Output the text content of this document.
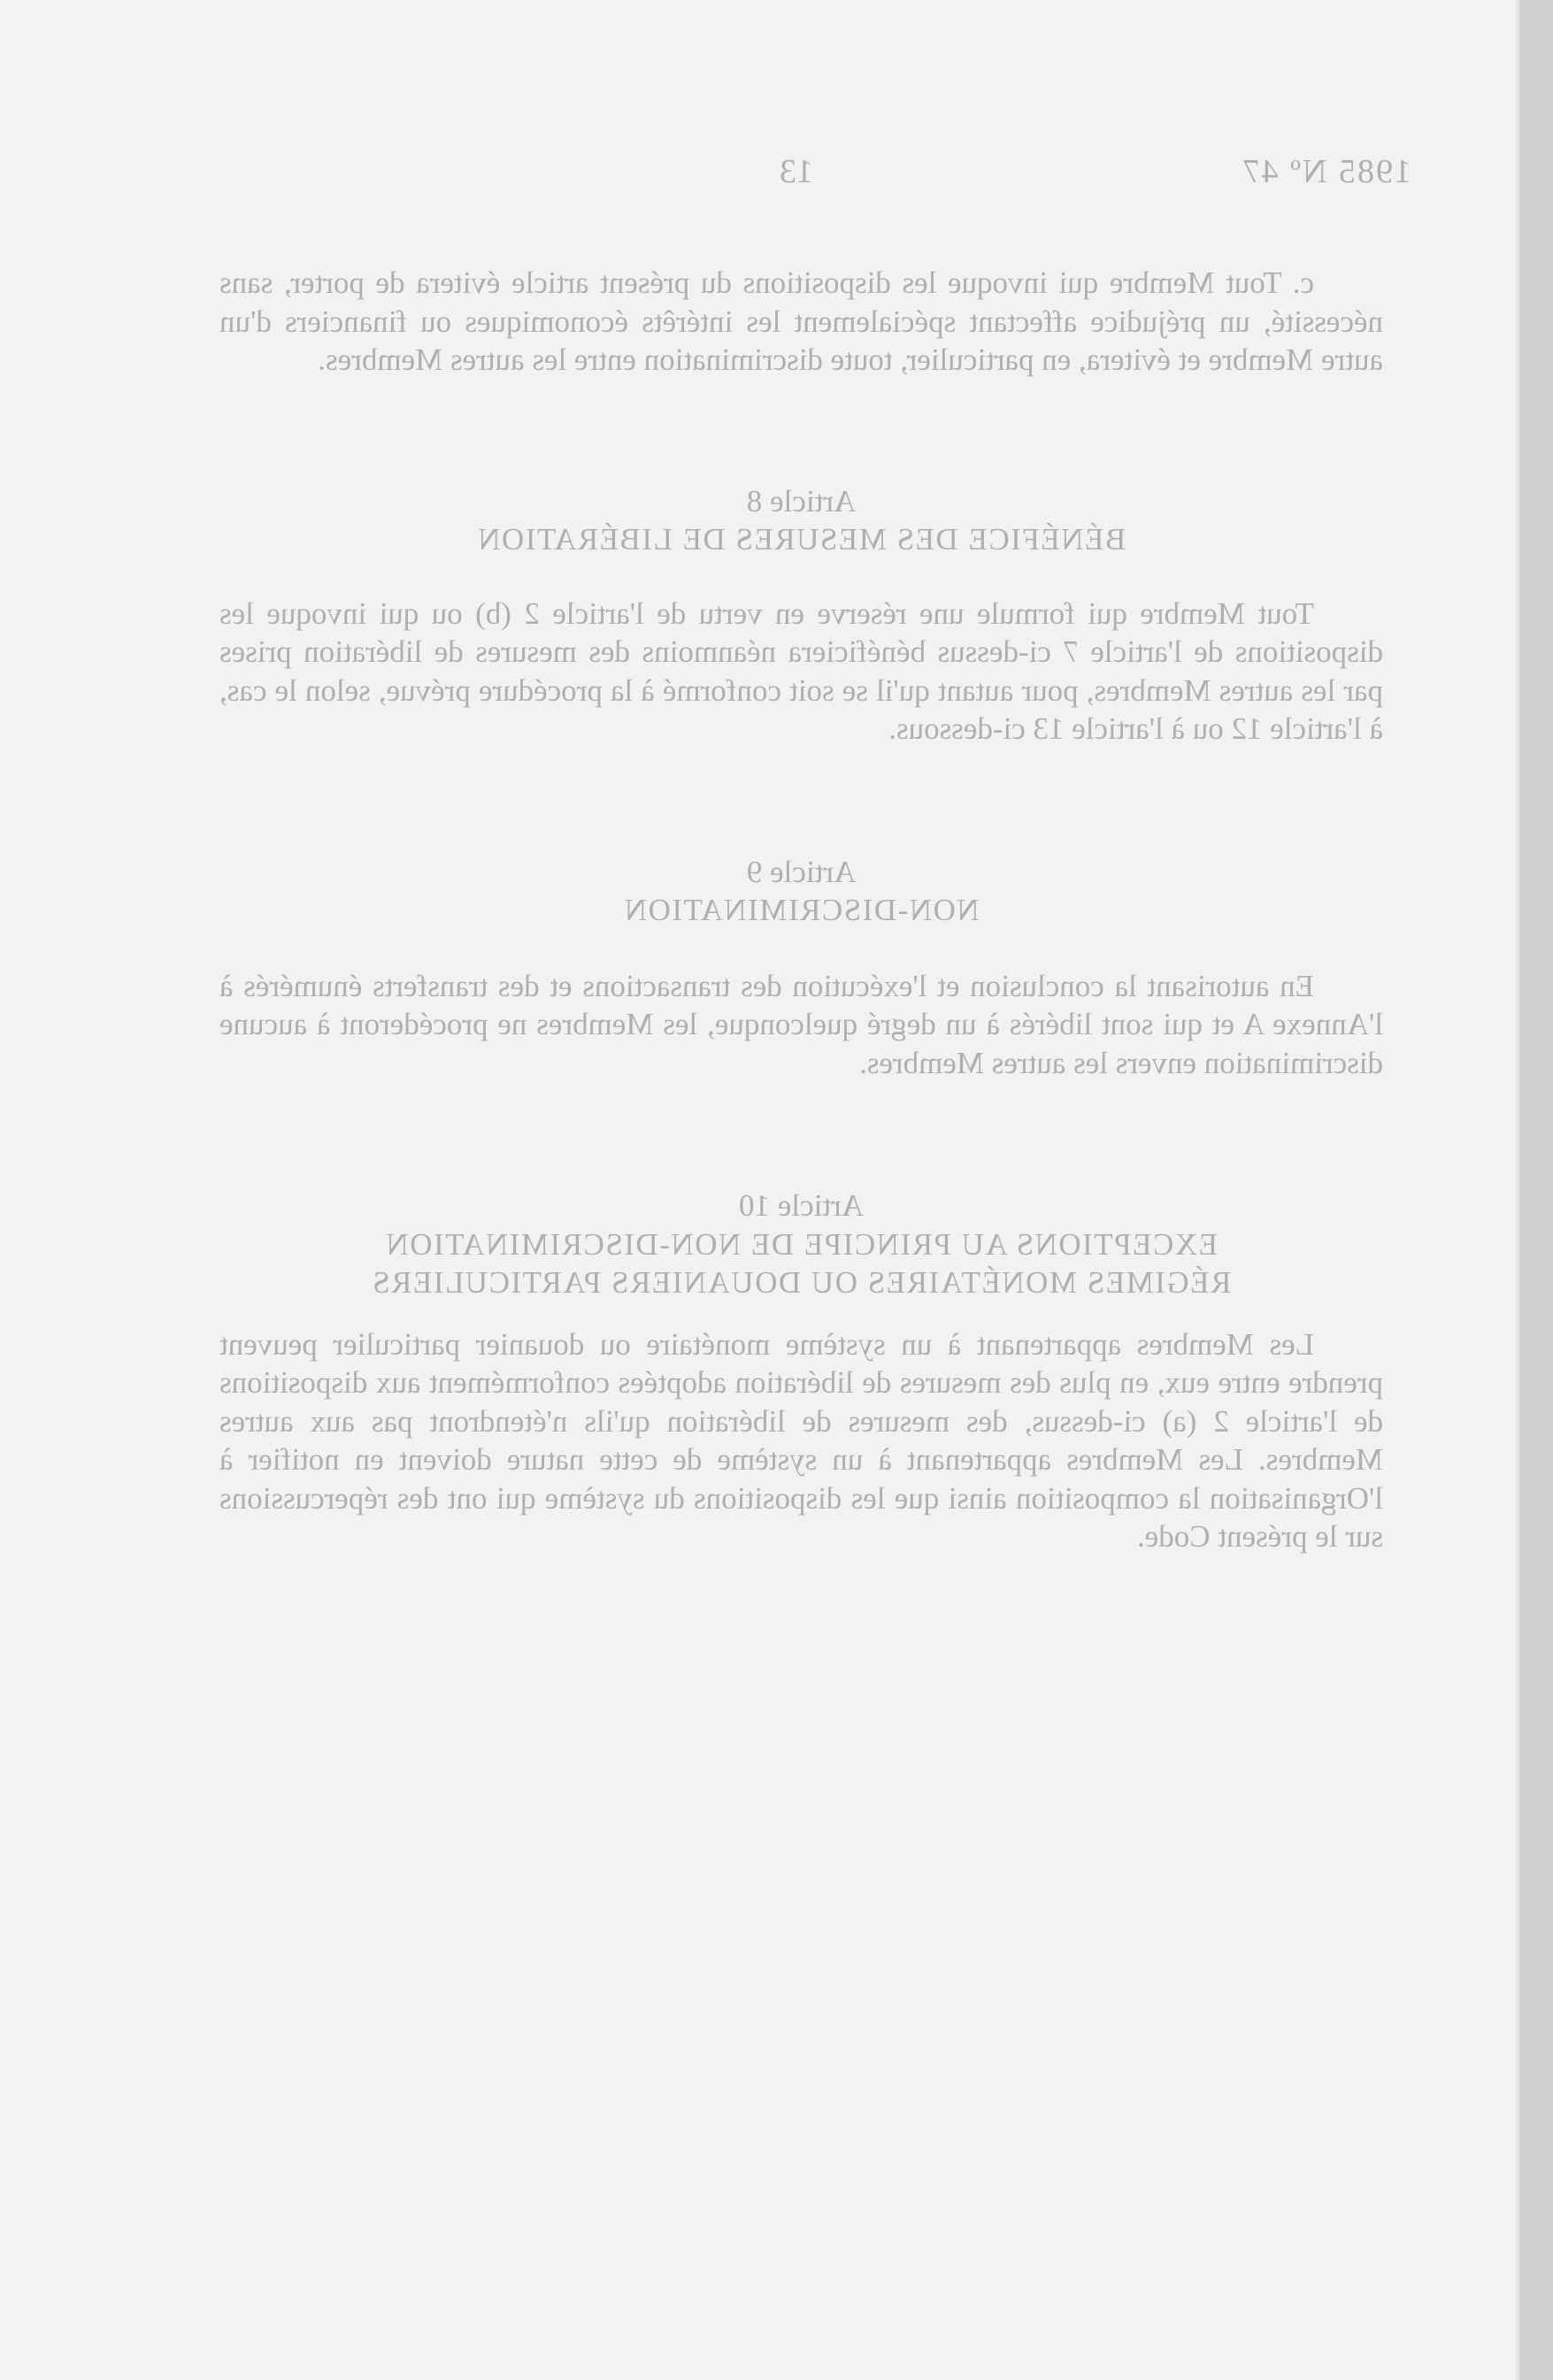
1985 Nº 47
13

c. Tout Membre qui invoque les dispositions du présent article évitera de porter, sans nécessité, un préjudice affectant spécialement les intérêts économiques ou financiers d'un autre Membre et évitera, en particulier, toute discrimination entre les autres Membres.

Article 8
BÉNÉFICE DES MESURES DE LIBÉRATION

Tout Membre qui formule une réserve en vertu de l'article 2 (b) ou qui invoque les dispositions de l'article 7 ci-dessus bénéficiera néanmoins des mesures de libération prises par les autres Membres, pour autant qu'il se soit conformé à la procédure prévue, selon le cas, à l'article 12 ou à l'article 13 ci-dessous.

Article 9
NON-DISCRIMINATION

En autorisant la conclusion et l'exécution des transactions et des transferts énumérés à l'Annexe A et qui sont libérés à un degré quelconque, les Membres ne procéderont à aucune discrimination envers les autres Membres.

Article 10
EXCEPTIONS AU PRINCIPE DE NON-DISCRIMINATION
RÉGIMES MONÉTAIRES OU DOUANIERS PARTICULIERS

Les Membres appartenant à un système monétaire ou douanier particulier peuvent prendre entre eux, en plus des mesures de libération adoptées conformément aux dispositions de l'article 2 (a) ci-dessus, des mesures de libération qu'ils n'étendront pas aux autres Membres. Les Membres appartenant à un système de cette nature doivent en notifier à l'Organisation la composition ainsi que les dispositions du système qui ont des répercussions sur le présent Code.
